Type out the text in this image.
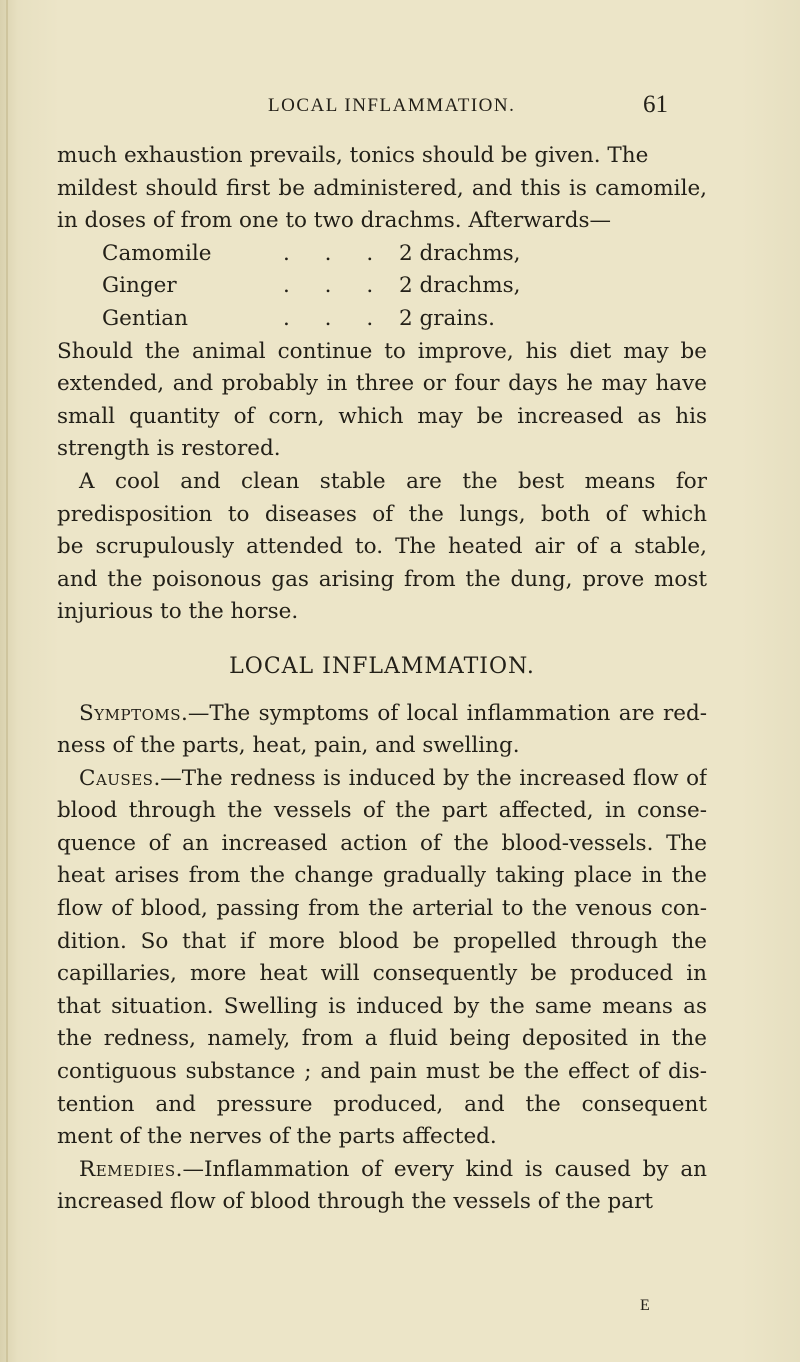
LOCAL INFLAMMATION.	61
much exhaustion prevails, tonics should be given. The
mildest should first be administered, and this is camomile,
in doses of from one to two drachms. Afterwards—
Camomile	. . . 2 drachms,
Ginger	. . . 2 drachms,
Gentian	. . . 2 grains.
Should the animal continue to improve, his diet may be
extended, and probably in three or four days he may have
small quantity of corn, which may be increased as his
strength is restored.
A cool and clean stable are the best means for
predisposition to diseases of the lungs, both of which
be scrupulously attended to. The heated air of a stable,
and the poisonous gas arising from the dung, prove most
injurious to the horse.
LOCAL INFLAMMATION.
Symptoms.—The symptoms of local inflammation are red-
ness of the parts, heat, pain, and swelling.
Causes.—The redness is induced by the increased flow of
blood through the vessels of the part affected, in conse-
quence of an increased action of the blood-vessels. The
heat arises from the change gradually taking place in the
flow of blood, passing from the arterial to the venous con-
dition. So that if more blood be propelled through the
capillaries, more heat will consequently be produced in
that situation. Swelling is induced by the same means as
the redness, namely, from a fluid being deposited in the
contiguous substance ; and pain must be the effect of dis-
tention and pressure produced, and the consequent
ment of the nerves of the parts affected.
Remedies.—Inflammation of every kind is caused by an
increased flow of blood through the vessels of the part
E
